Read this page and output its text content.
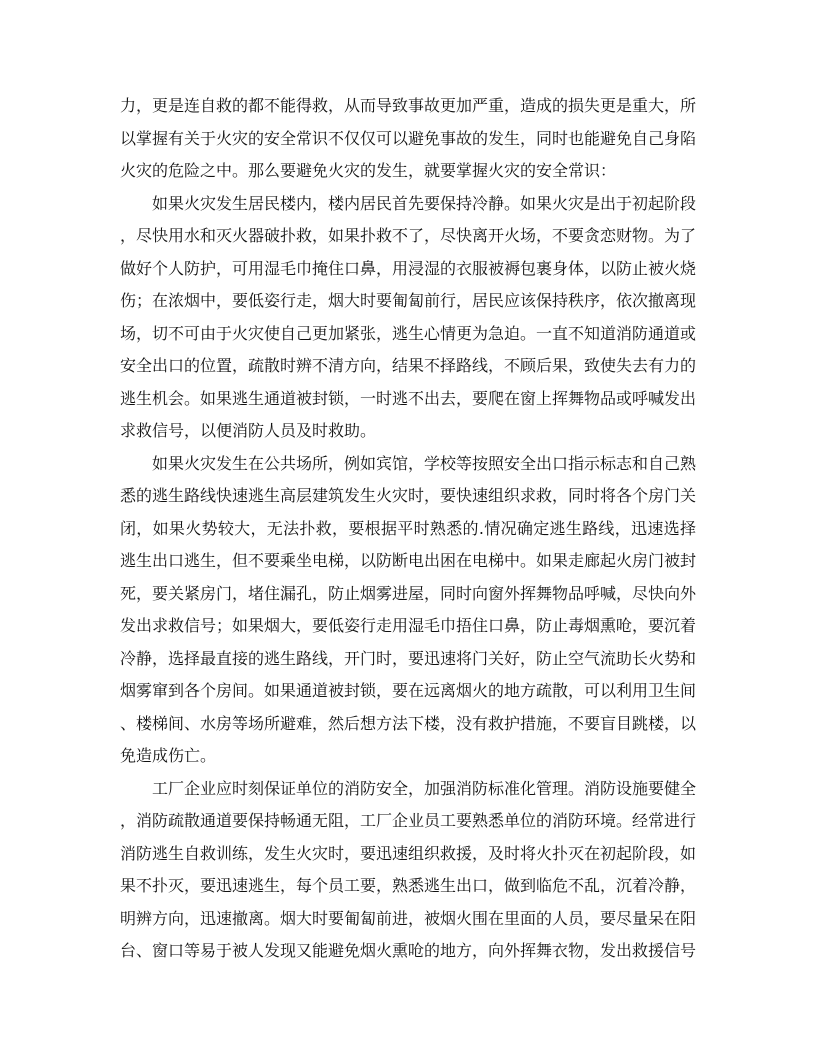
力，更是连自救的都不能得救，从而导致事故更加严重，造成的损失更是重大，所以掌握有关于火灾的安全常识不仅仅可以避免事故的发生，同时也能避免自己身陷火灾的危险之中。那么要避免火灾的发生，就要掌握火灾的安全常识：

如果火灾发生居民楼内，楼内居民首先要保持冷静。如果火灾是出于初起阶段，尽快用水和灭火器破扑救，如果扑救不了，尽快离开火场，不要贪恋财物。为了做好个人防护，可用湿毛巾掩住口鼻，用浸湿的衣服被褥包裹身体，以防止被火烧伤；在浓烟中，要低姿行走，烟大时要匍匐前行，居民应该保持秩序，依次撤离现场，切不可由于火灾使自己更加紧张，逃生心情更为急迫。一直不知道消防通道或安全出口的位置，疏散时辨不清方向，结果不择路线，不顾后果，致使失去有力的逃生机会。如果逃生通道被封锁，一时逃不出去，要爬在窗上挥舞物品或呼喊发出求救信号，以便消防人员及时救助。

如果火灾发生在公共场所，例如宾馆，学校等按照安全出口指示标志和自己熟悉的逃生路线快速逃生高层建筑发生火灾时，要快速组织求救，同时将各个房门关闭，如果火势较大，无法扑救，要根据平时熟悉的.情况确定逃生路线，迅速选择逃生出口逃生，但不要乘坐电梯，以防断电出困在电梯中。如果走廊起火房门被封死，要关紧房门，堵住漏孔，防止烟雾进屋，同时向窗外挥舞物品呼喊，尽快向外发出求救信号；如果烟大，要低姿行走用湿毛巾捂住口鼻，防止毒烟熏呛，要沉着冷静，选择最直接的逃生路线，开门时，要迅速将门关好，防止空气流助长火势和烟雾窜到各个房间。如果通道被封锁，要在远离烟火的地方疏散，可以利用卫生间、楼梯间、水房等场所避难，然后想方法下楼，没有救护措施，不要盲目跳楼，以免造成伤亡。

工厂企业应时刻保证单位的消防安全，加强消防标准化管理。消防设施要健全，消防疏散通道要保持畅通无阻，工厂企业员工要熟悉单位的消防环境。经常进行消防逃生自救训练，发生火灾时，要迅速组织救援，及时将火扑灭在初起阶段，如果不扑灭，要迅速逃生，每个员工要，熟悉逃生出口，做到临危不乱，沉着冷静，明辨方向，迅速撤离。烟大时要匍匐前进，被烟火围在里面的人员，要尽量呆在阳台、窗口等易于被人发现又能避免烟火熏呛的地方，向外挥舞衣物，发出救援信号
